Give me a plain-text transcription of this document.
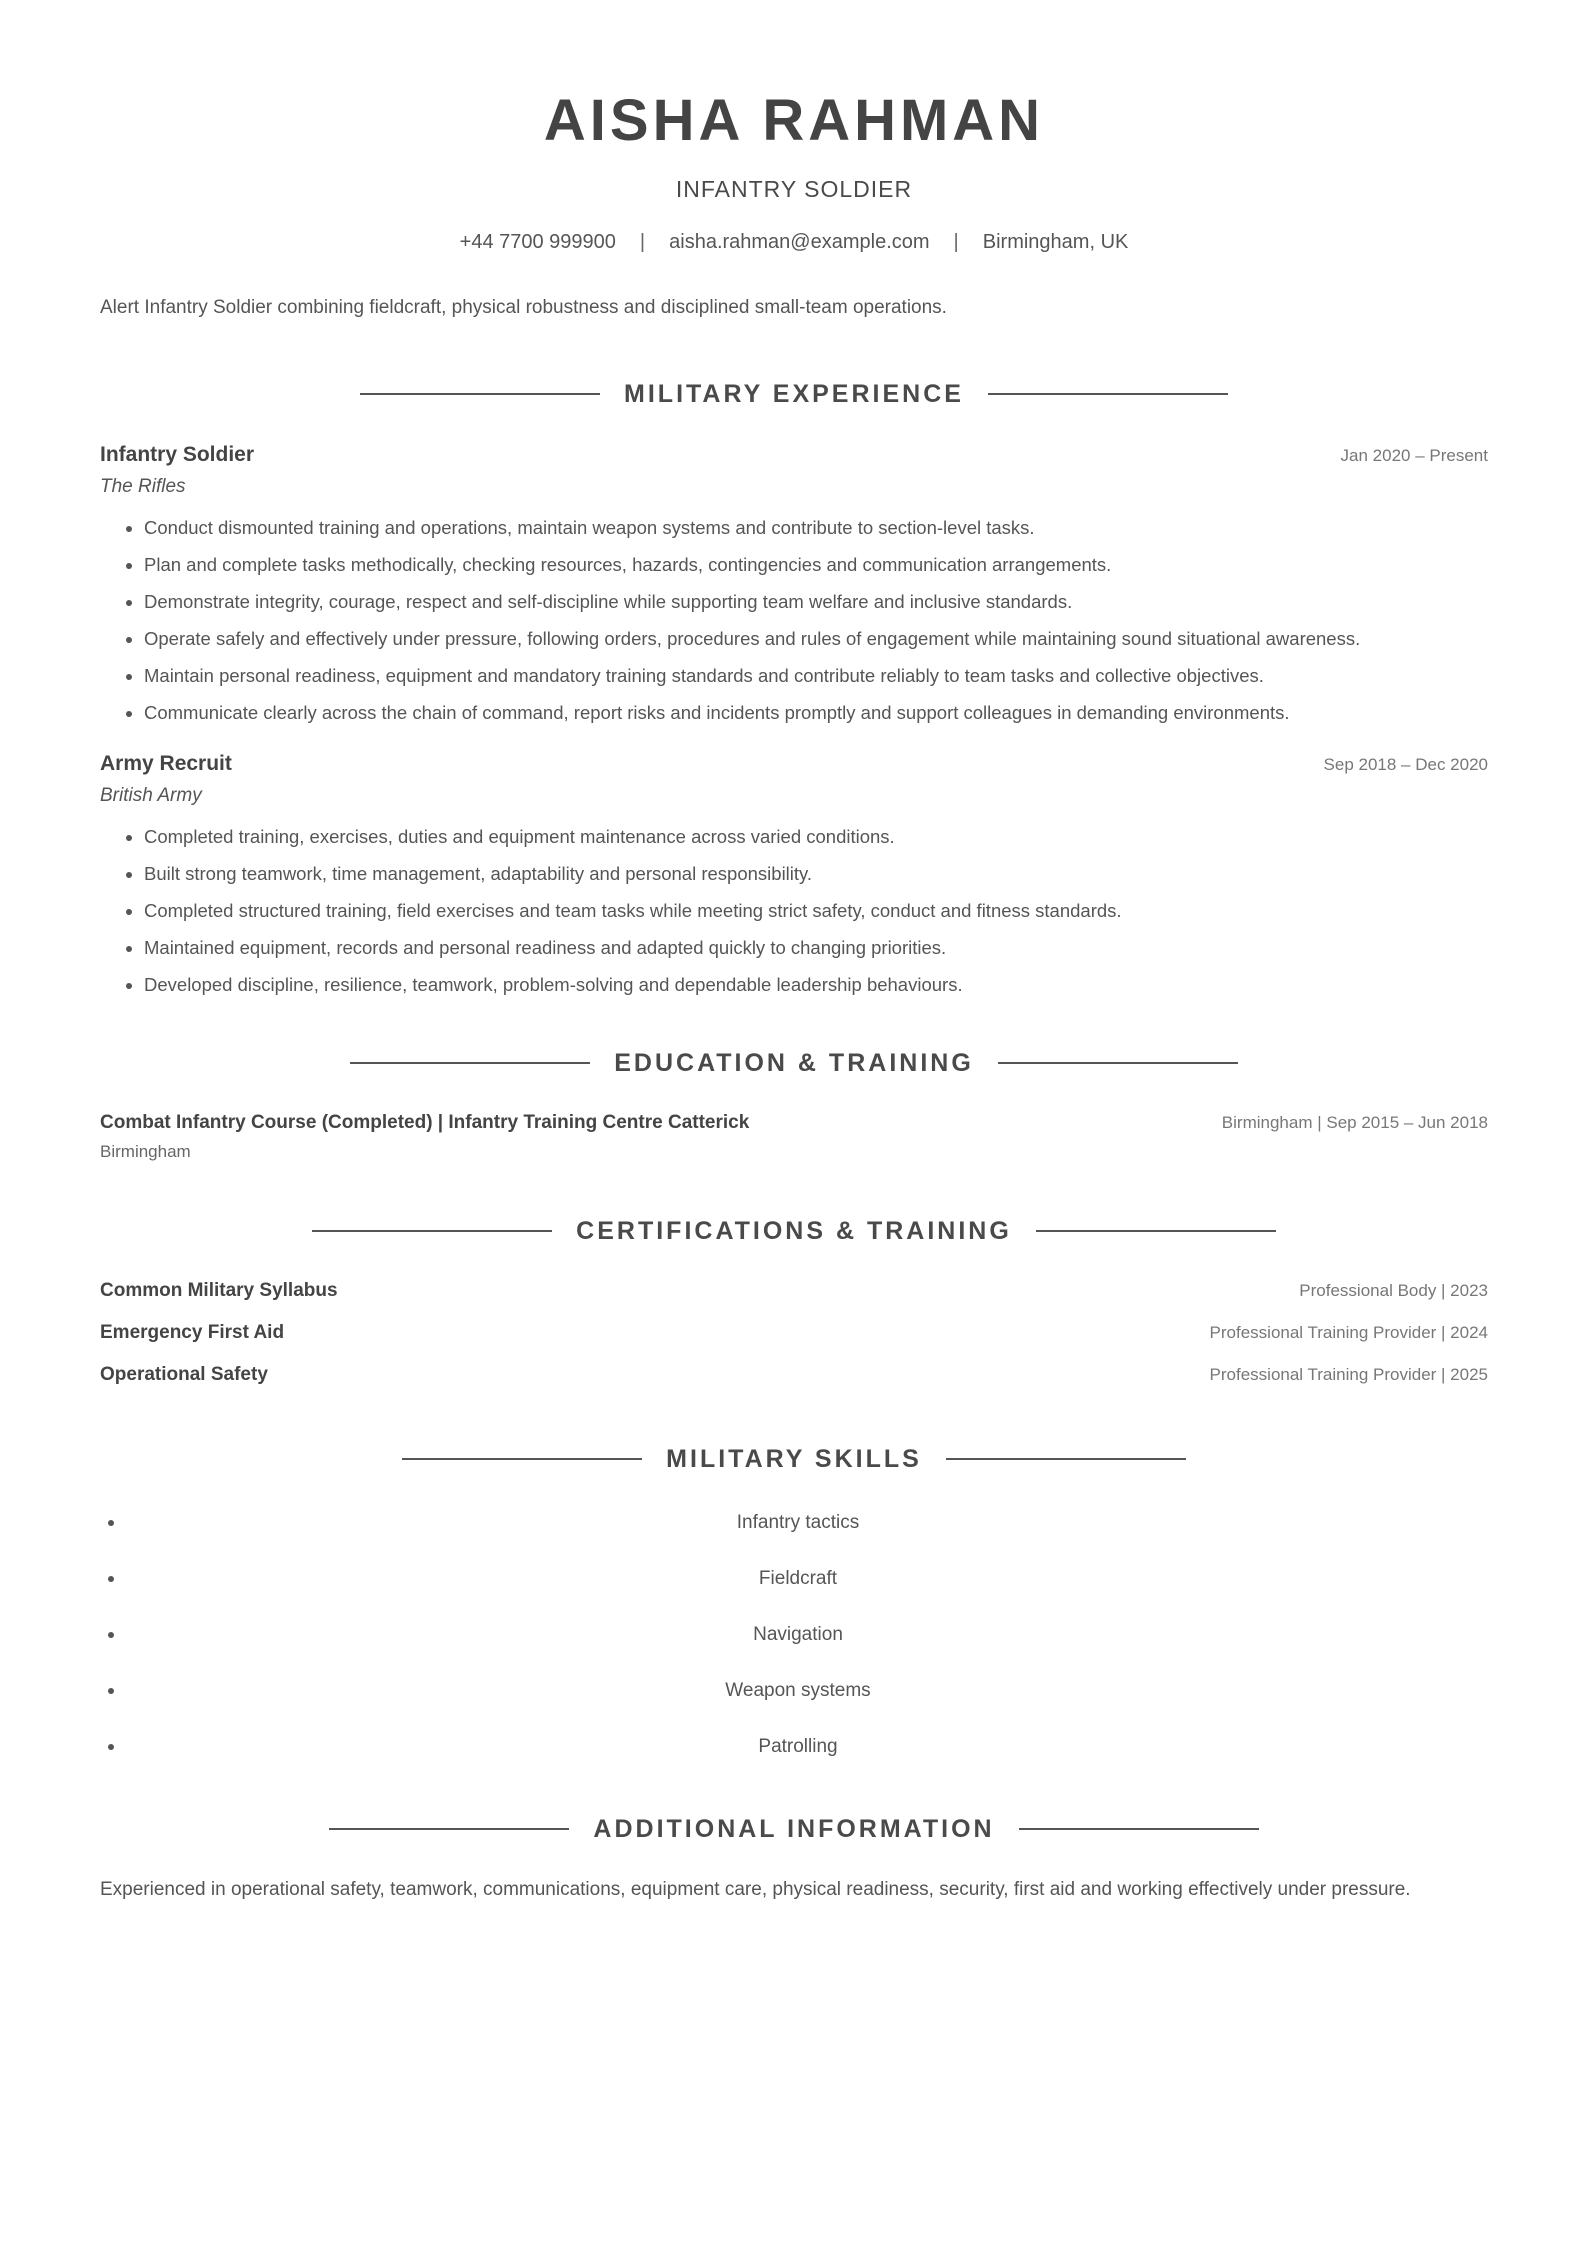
AISHA RAHMAN
INFANTRY SOLDIER
+44 7700 999900 | aisha.rahman@example.com | Birmingham, UK
Alert Infantry Soldier combining fieldcraft, physical robustness and disciplined small-team operations.
MILITARY EXPERIENCE
Infantry Soldier	Jan 2020 – Present
The Rifles
• Conduct dismounted training and operations, maintain weapon systems and contribute to section-level tasks.
• Plan and complete tasks methodically, checking resources, hazards, contingencies and communication arrangements.
• Demonstrate integrity, courage, respect and self-discipline while supporting team welfare and inclusive standards.
• Operate safely and effectively under pressure, following orders, procedures and rules of engagement while maintaining sound situational awareness.
• Maintain personal readiness, equipment and mandatory training standards and contribute reliably to team tasks and collective objectives.
• Communicate clearly across the chain of command, report risks and incidents promptly and support colleagues in demanding environments.
Army Recruit	Sep 2018 – Dec 2020
British Army
• Completed training, exercises, duties and equipment maintenance across varied conditions.
• Built strong teamwork, time management, adaptability and personal responsibility.
• Completed structured training, field exercises and team tasks while meeting strict safety, conduct and fitness standards.
• Maintained equipment, records and personal readiness and adapted quickly to changing priorities.
• Developed discipline, resilience, teamwork, problem-solving and dependable leadership behaviours.
EDUCATION & TRAINING
Combat Infantry Course (Completed) | Infantry Training Centre Catterick	Birmingham | Sep 2015 – Jun 2018
Birmingham
CERTIFICATIONS & TRAINING
Common Military Syllabus	Professional Body | 2023
Emergency First Aid	Professional Training Provider | 2024
Operational Safety	Professional Training Provider | 2025
MILITARY SKILLS
Infantry tactics
Fieldcraft
Navigation
Weapon systems
Patrolling
ADDITIONAL INFORMATION
Experienced in operational safety, teamwork, communications, equipment care, physical readiness, security, first aid and working effectively under pressure.
